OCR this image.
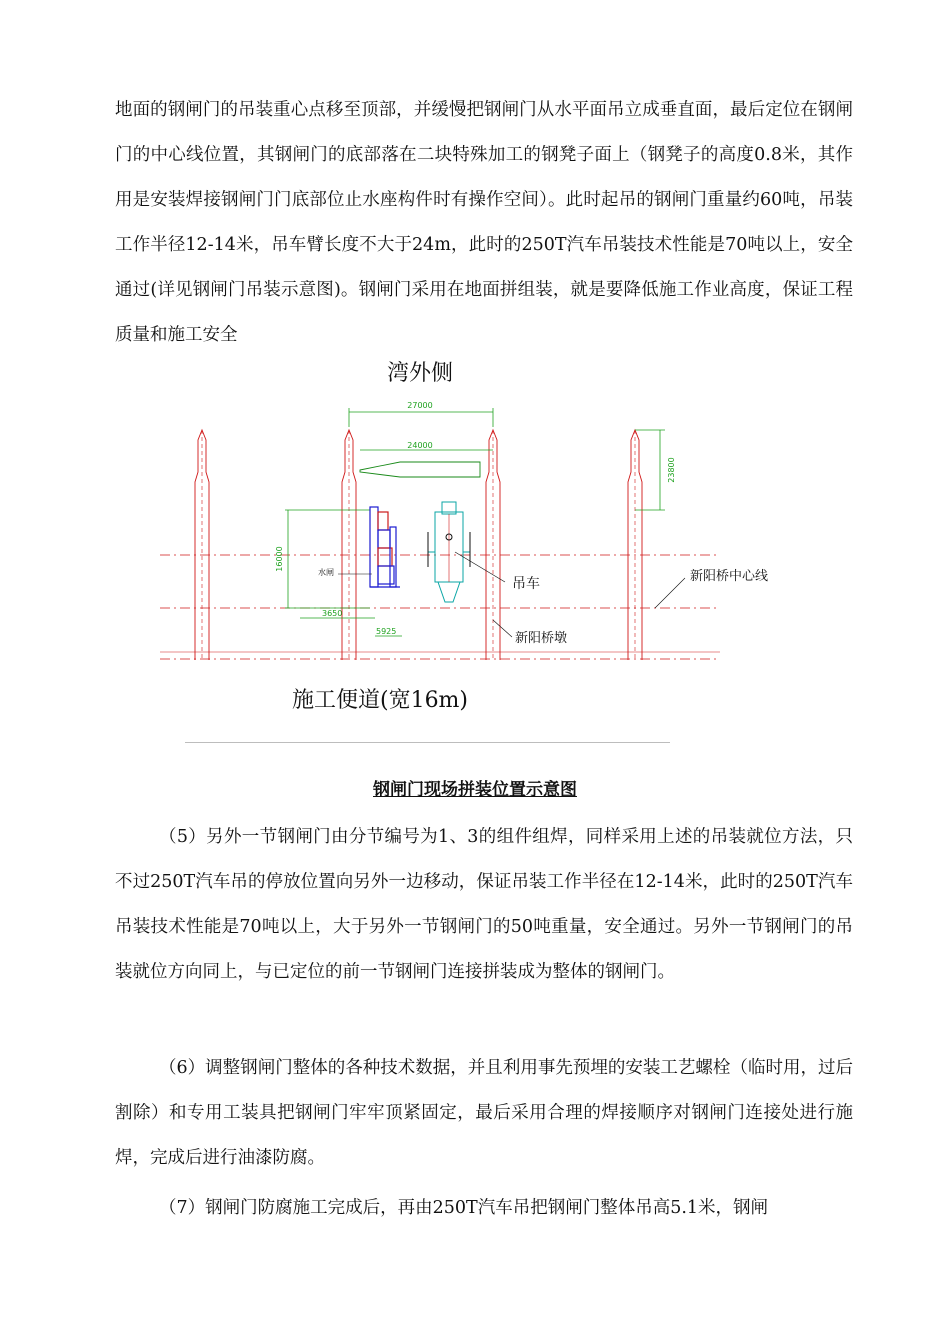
地面的钢闸门的吊装重心点移至顶部，并缓慢把钢闸门从水平面吊立成垂直面，最后定位在钢闸门的中心线位置，其钢闸门的底部落在二块特殊加工的钢凳子面上（钢凳子的高度0.8米，其作用是安装焊接钢闸门门底部位止水座构件时有操作空间）。此时起吊的钢闸门重量约60吨，吊装工作半径12-14米，吊车臂长度不大于24m，此时的250T汽车吊装技术性能是70吨以上，安全通过(详见钢闸门吊装示意图)。钢闸门采用在地面拼组装，就是要降低施工作业高度，保证工程质量和施工安全

湾外侧
27000
24000
23800
16000
3650
5925
水闸
吊车	新阳桥中心线
新阳桥墩
施工便道(宽16m)
钢闸门现场拼装位置示意图

（5）另外一节钢闸门由分节编号为1、3的组件组焊，同样采用上述的吊装就位方法，只不过250T汽车吊的停放位置向另外一边移动，保证吊装工作半径在12-14米，此时的250T汽车吊装技术性能是70吨以上，大于另外一节钢闸门的50吨重量，安全通过。另外一节钢闸门的吊装就位方向同上，与已定位的前一节钢闸门连接拼装成为整体的钢闸门。

（6）调整钢闸门整体的各种技术数据，并且利用事先预埋的安装工艺螺栓（临时用，过后割除）和专用工装具把钢闸门牢牢顶紧固定，最后采用合理的焊接顺序对钢闸门连接处进行施焊，完成后进行油漆防腐。

（7）钢闸门防腐施工完成后，再由250T汽车吊把钢闸门整体吊高5.1米，钢闸
